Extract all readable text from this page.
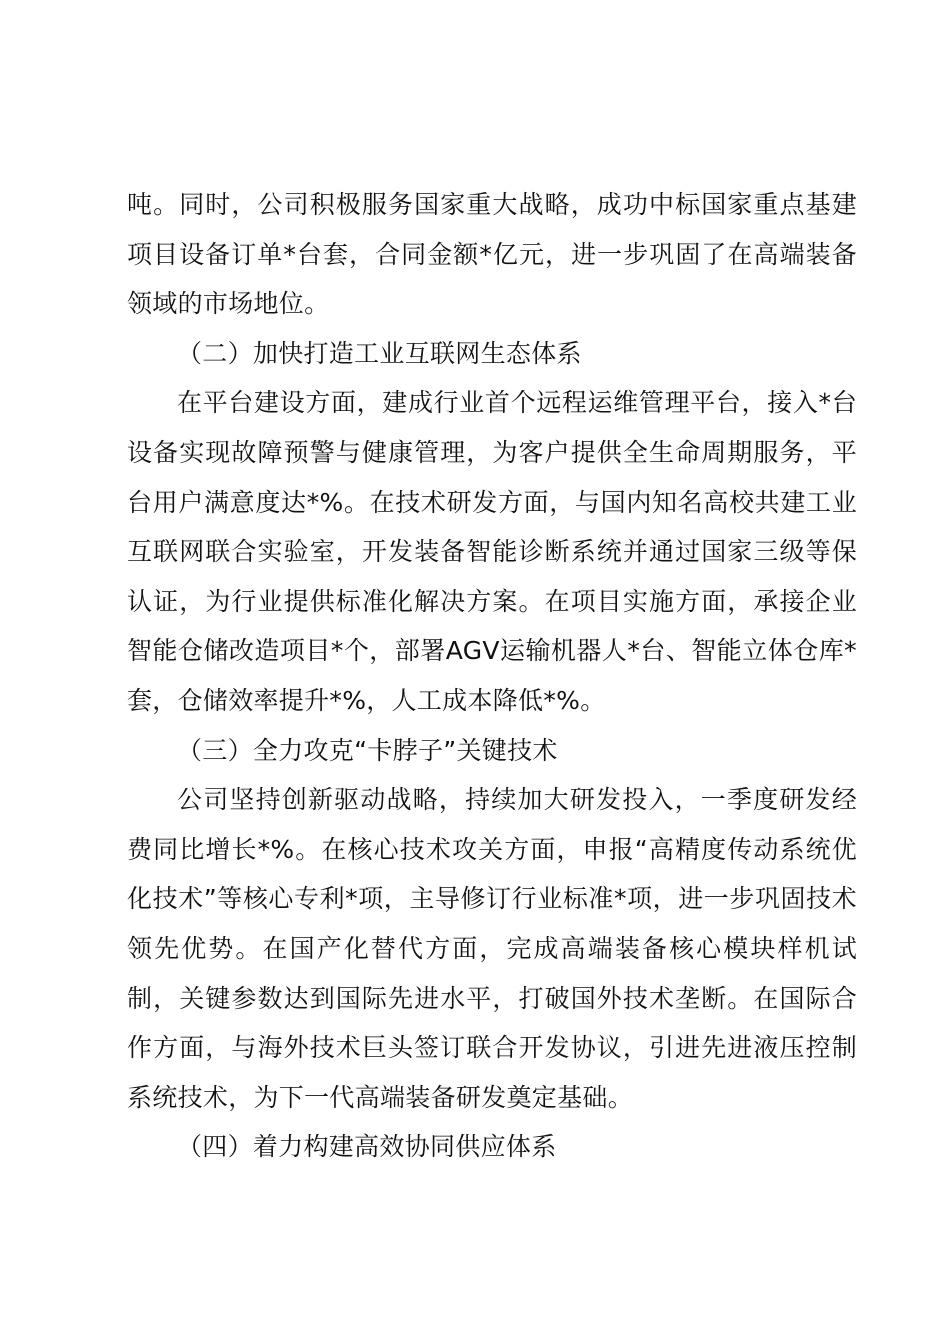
吨。同时，公司积极服务国家重大战略，成功中标国家重点基建项目设备订单*台套，合同金额*亿元，进一步巩固了在高端装备领域的市场地位。

（二）加快打造工业互联网生态体系

在平台建设方面，建成行业首个远程运维管理平台，接入*台设备实现故障预警与健康管理，为客户提供全生命周期服务，平台用户满意度达*%。在技术研发方面，与国内知名高校共建工业互联网联合实验室，开发装备智能诊断系统并通过国家三级等保认证，为行业提供标准化解决方案。在项目实施方面，承接企业智能仓储改造项目*个，部署AGV运输机器人*台、智能立体仓库*套，仓储效率提升*%，人工成本降低*%。

（三）全力攻克“卡脖子”关键技术

公司坚持创新驱动战略，持续加大研发投入，一季度研发经费同比增长*%。在核心技术攻关方面，申报“高精度传动系统优化技术”等核心专利*项，主导修订行业标准*项，进一步巩固技术领先优势。在国产化替代方面，完成高端装备核心模块样机试制，关键参数达到国际先进水平，打破国外技术垄断。在国际合作方面，与海外技术巨头签订联合开发协议，引进先进液压控制系统技术，为下一代高端装备研发奠定基础。

（四）着力构建高效协同供应体系
